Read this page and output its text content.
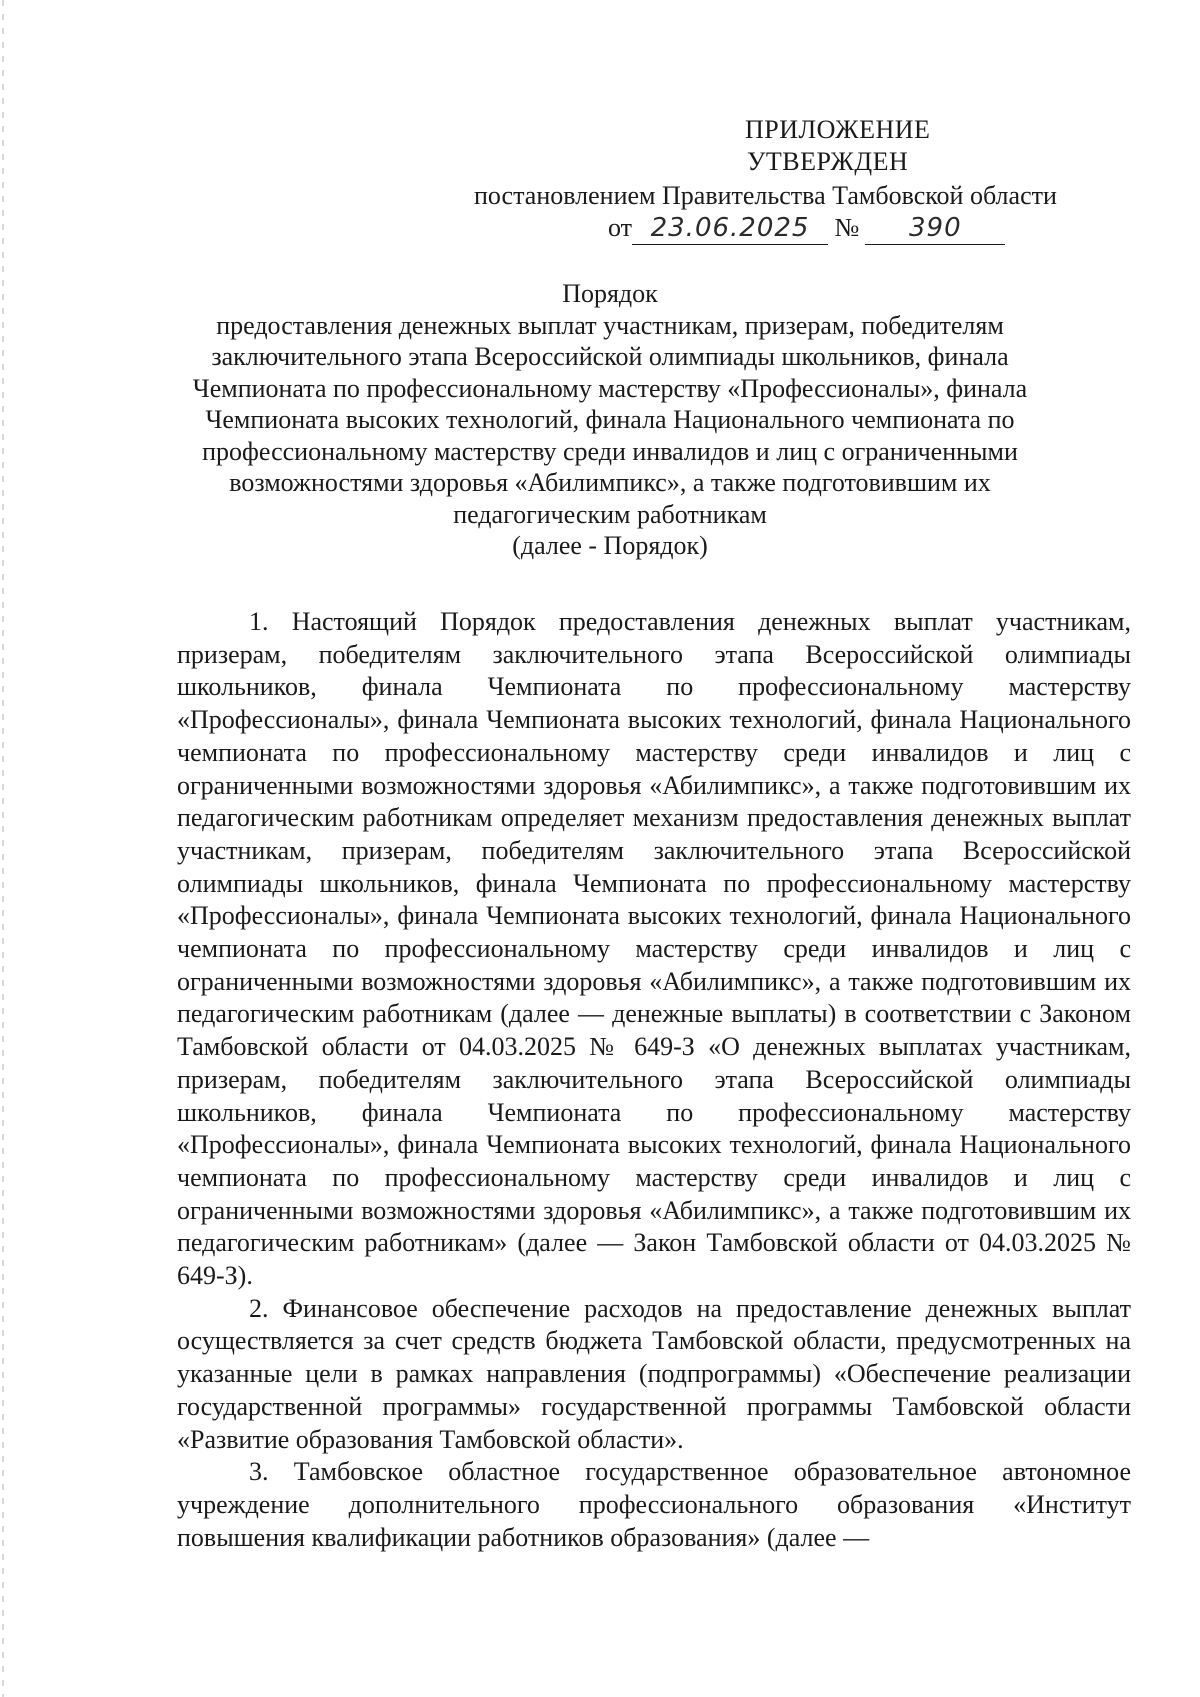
ПРИЛОЖЕНИЕ
УТВЕРЖДЕН
постановлением Правительства Тамбовской области
от 23.06.2025 № 390
Порядок
предоставления денежных выплат участникам, призерам, победителям
заключительного этапа Всероссийской олимпиады школьников, финала
Чемпионата по профессиональному мастерству «Профессионалы», финала
Чемпионата высоких технологий, финала Национального чемпионата по
профессиональному мастерству среди инвалидов и лиц с ограниченными
возможностями здоровья «Абилимпикс», а также подготовившим их
педагогическим работникам
(далее - Порядок)

1. Настоящий Порядок предоставления денежных выплат участникам, призерам, победителям заключительного этапа Всероссийской олимпиады школьников, финала Чемпионата по профессиональному мастерству «Профессионалы», финала Чемпионата высоких технологий, финала Национального чемпионата по профессиональному мастерству среди инвалидов и лиц с ограниченными возможностями здоровья «Абилимпикс», а также подготовившим их педагогическим работникам определяет механизм предоставления денежных выплат участникам, призерам, победителям заключительного этапа Всероссийской олимпиады школьников, финала Чемпионата по профессиональному мастерству «Профессионалы», финала Чемпионата высоких технологий, финала Национального чемпионата по профессиональному мастерству среди инвалидов и лиц с ограниченными возможностями здоровья «Абилимпикс», а также подготовившим их педагогическим работникам (далее — денежные выплаты) в соответствии с Законом Тамбовской области от 04.03.2025 № 649-З «О денежных выплатах участникам, призерам, победителям заключительного этапа Всероссийской олимпиады школьников, финала Чемпионата по профессиональному мастерству «Профессионалы», финала Чемпионата высоких технологий, финала Национального чемпионата по профессиональному мастерству среди инвалидов и лиц с ограниченными возможностями здоровья «Абилимпикс», а также подготовившим их педагогическим работникам» (далее — Закон Тамбовской области от 04.03.2025 № 649-З).

2. Финансовое обеспечение расходов на предоставление денежных выплат осуществляется за счет средств бюджета Тамбовской области, предусмотренных на указанные цели в рамках направления (подпрограммы) «Обеспечение реализации государственной программы» государственной программы Тамбовской области «Развитие образования Тамбовской области».

3. Тамбовское областное государственное образовательное автономное учреждение дополнительного профессионального образования «Институт повышения квалификации работников образования» (далее —
